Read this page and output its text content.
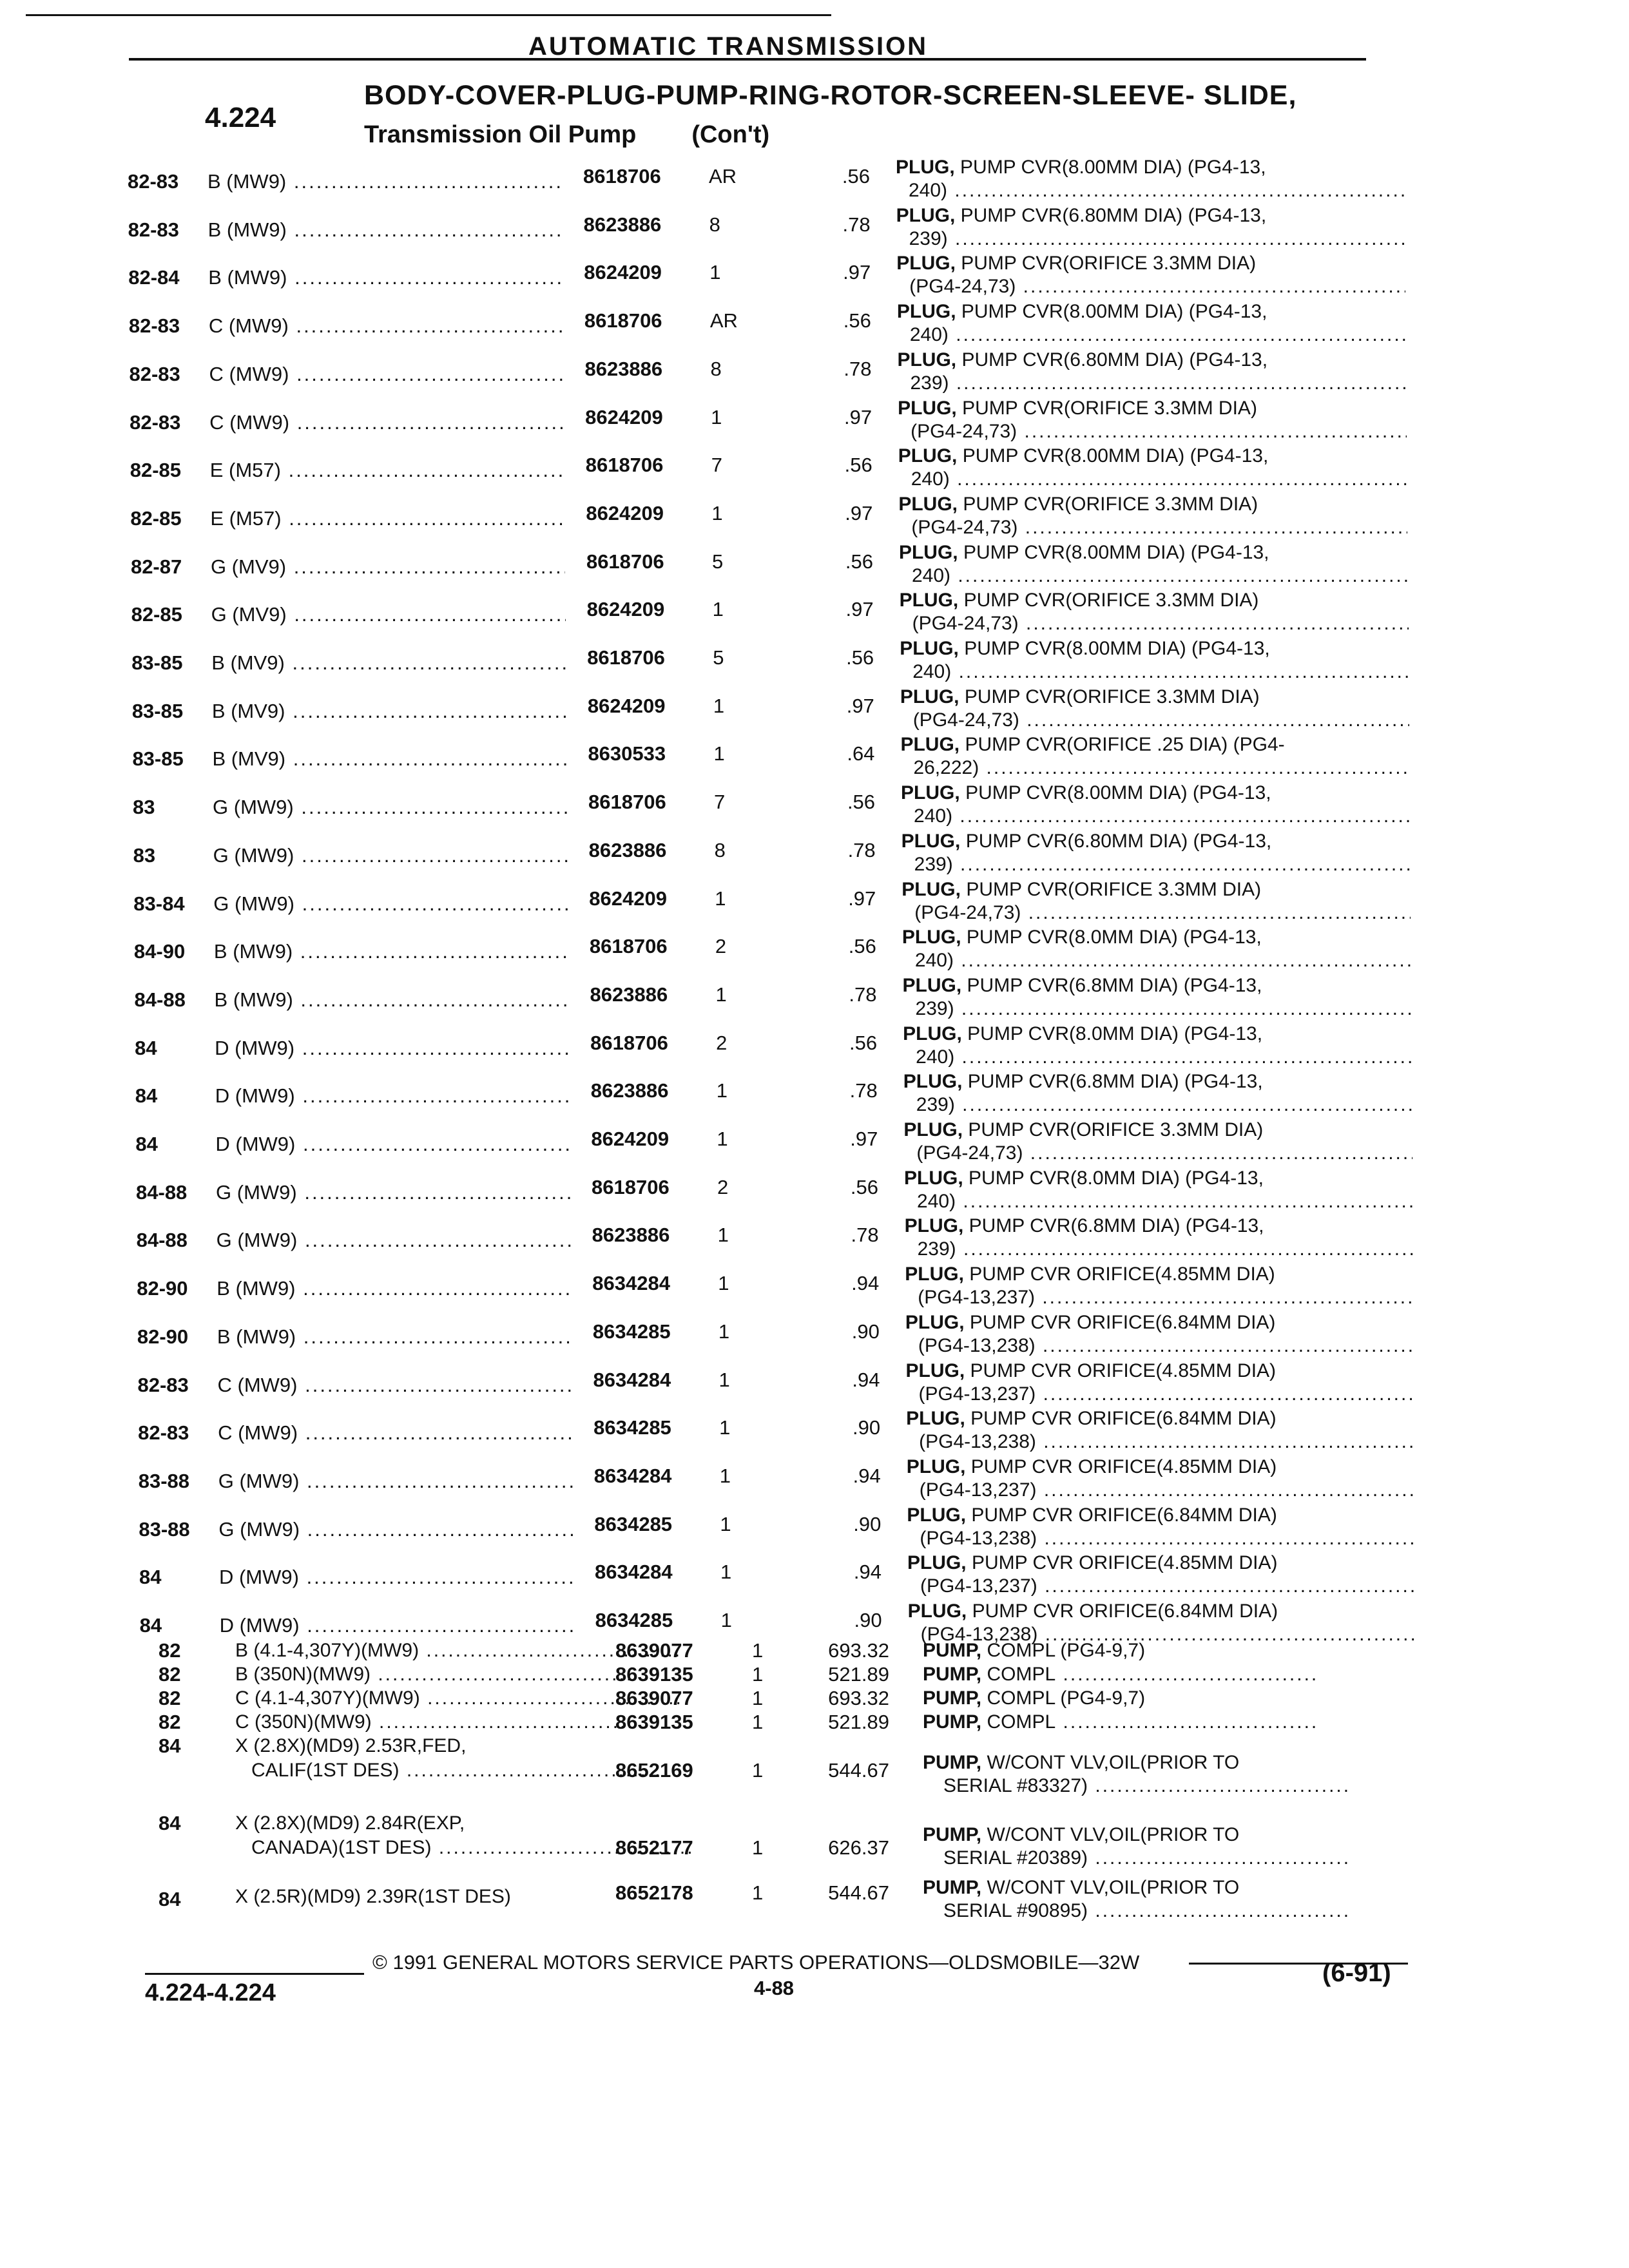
AUTOMATIC TRANSMISSION
4.224
BODY-COVER-PLUG-PUMP-RING-ROTOR-SCREEN-SLEEVE- SLIDE,
Transmission Oil Pump (Con't)
82-83 B (MW9) .....	8618706 AR	.56 PLUG, PUMP CVR(8.00MM DIA) (PG4-13,
240) .....
82-83 B (MW9) .....	8623886 8	.78 PLUG, PUMP CVR(6.80MM DIA) (PG4-13,
239) .....
82-84 B (MW9) .....	8624209 1	.97 PLUG, PUMP CVR(ORIFICE 3.3MM DIA)
(PG4-24,73) .....
82-83 C (MW9) .....	8618706 AR	.56 PLUG, PUMP CVR(8.00MM DIA) (PG4-13,
240) .....
82-83 C (MW9) .....	8623886 8	.78 PLUG, PUMP CVR(6.80MM DIA) (PG4-13,
239) .....
82-83 C (MW9) .....	8624209 1	.97 PLUG, PUMP CVR(ORIFICE 3.3MM DIA)
(PG4-24,73) .....
82-85 E (M57) .....	8618706 7	.56 PLUG, PUMP CVR(8.00MM DIA) (PG4-13,
240) .....
82-85 E (M57) .....	8624209 1	.97 PLUG, PUMP CVR(ORIFICE 3.3MM DIA)
(PG4-24,73) .....
82-87 G (MV9) .....	8618706 5	.56 PLUG, PUMP CVR(8.00MM DIA) (PG4-13,
240) .....
82-85 G (MV9) .....	8624209 1	.97 PLUG, PUMP CVR(ORIFICE 3.3MM DIA)
(PG4-24,73) .....
83-85 B (MV9) .....	8618706 5	.56 PLUG, PUMP CVR(8.00MM DIA) (PG4-13,
240) .....
83-85 B (MV9) .....	8624209 1	.97 PLUG, PUMP CVR(ORIFICE 3.3MM DIA)
(PG4-24,73) .....
83-85 B (MV9) .....	8630533 1	.64 PLUG, PUMP CVR(ORIFICE .25 DIA) (PG4-
26,222) .....
83	G (MW9) .....	8618706 7	.56 PLUG, PUMP CVR(8.00MM DIA) (PG4-13,
240) .....
83	G (MW9) .....	8623886 8	.78 PLUG, PUMP CVR(6.80MM DIA) (PG4-13,
239) .....
83-84 G (MW9) .....	8624209 1	.97 PLUG, PUMP CVR(ORIFICE 3.3MM DIA)
(PG4-24,73) .....
84-90 B (MW9) .....	8618706 2	.56 PLUG, PUMP CVR(8.0MM DIA) (PG4-13,
240) .....
84-88 B (MW9) .....	8623886 1	.78 PLUG, PUMP CVR(6.8MM DIA) (PG4-13,
239) .....
84	D (MW9) .....	8618706 2	.56 PLUG, PUMP CVR(8.0MM DIA) (PG4-13,
240) .....
84	D (MW9) .....	8623886 1	.78 PLUG, PUMP CVR(6.8MM DIA) (PG4-13,
239) .....
84	D (MW9) .....	8624209 1	.97 PLUG, PUMP CVR(ORIFICE 3.3MM DIA)
(PG4-24,73) .....
84-88 G (MW9) .....	8618706 2	.56 PLUG, PUMP CVR(8.0MM DIA) (PG4-13,
240) .....
84-88 G (MW9) .....	8623886 1	.78 PLUG, PUMP CVR(6.8MM DIA) (PG4-13,
239) .....
82-90 B (MW9) .....	8634284 1	.94 PLUG, PUMP CVR ORIFICE(4.85MM DIA)
(PG4-13,237) .....
82-90 B (MW9) .....	8634285 1	.90 PLUG, PUMP CVR ORIFICE(6.84MM DIA)
(PG4-13,238) .....
82-83 C (MW9) .....	8634284 1	.94 PLUG, PUMP CVR ORIFICE(4.85MM DIA)
(PG4-13,237) .....
82-83 C (MW9) .....	8634285 1	.90 PLUG, PUMP CVR ORIFICE(6.84MM DIA)
(PG4-13,238) .....
83-88 G (MW9) .....	8634284 1	.94 PLUG, PUMP CVR ORIFICE(4.85MM DIA)
(PG4-13,237) .....
83-88 G (MW9) .....	8634285 1	.90 PLUG, PUMP CVR ORIFICE(6.84MM DIA)
(PG4-13,238) .....
84	D (MW9) .....	8634284 1	.94 PLUG, PUMP CVR ORIFICE(4.85MM DIA)
(PG4-13,237) .....
84	D (MW9) .....	8634285 1	.90 PLUG, PUMP CVR ORIFICE(6.84MM DIA)
(PG4-13,238) .....
82	B (4.1-4,307Y)(MW9) .....	8639077	1	693.32 PUMP, COMPL (PG4-9,7)
82	B (350N)(MW9) .....	8639135	1	521.89 PUMP, COMPL .....
82	C (4.1-4,307Y)(MW9) .....	8639077	1	693.32 PUMP, COMPL (PG4-9,7)
82	C (350N)(MW9) .....	8639135	1	521.89 PUMP, COMPL .....
84	X (2.8X)(MD9) 2.53R,FED,
CALIF(1ST DES) .....	8652169	1	544.67 PUMP, W/CONT VLV,OIL(PRIOR TO
SERIAL #83327) .....
84	X (2.8X)(MD9) 2.84R(EXP,
CANADA)(1ST DES) .....	8652177	1	626.37
PUMP, W/CONT VLV,OIL(PRIOR TO
SERIAL #20389) .....
84	X (2.5R)(MD9) 2.39R(1ST DES)	8652178	1	544.67 PUMP, W/CONT VLV,OIL(PRIOR TO
SERIAL #90895) .....
© 1991 GENERAL MOTORS SERVICE PARTS OPERATIONS—OLDSMOBILE—32W
4.224-4.224	4-88
(6-91)
